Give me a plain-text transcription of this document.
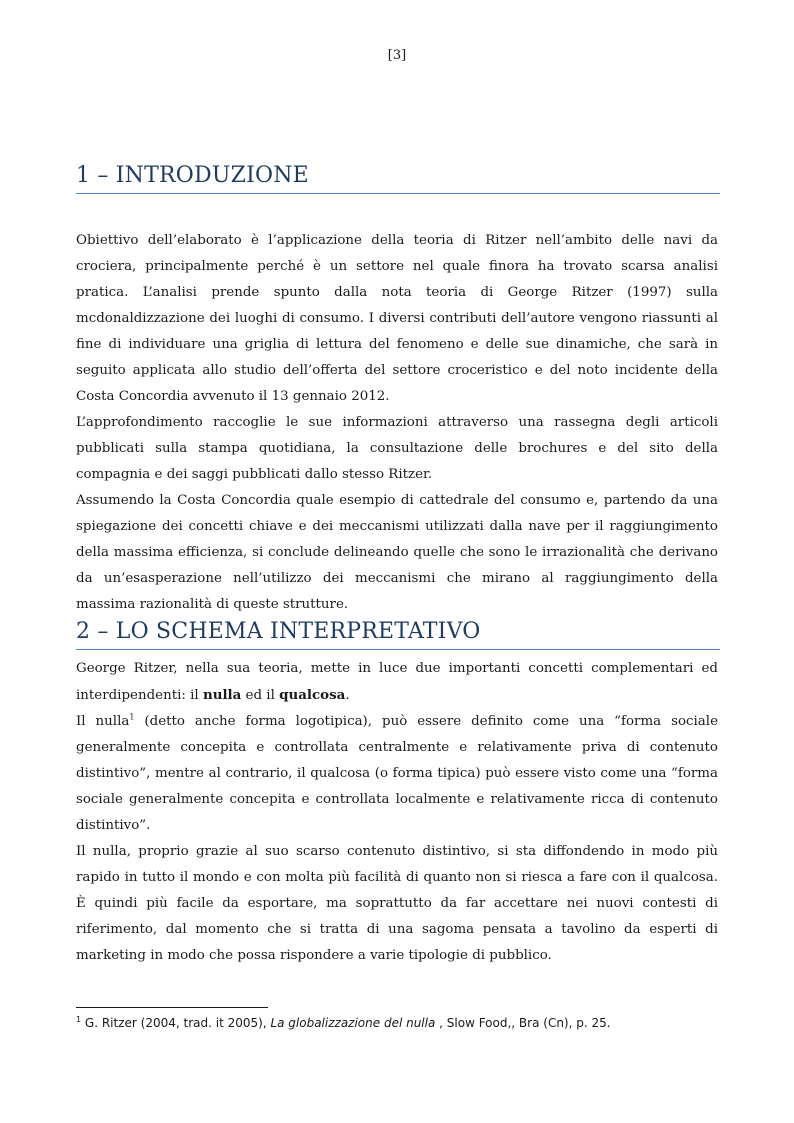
[3]
1 – INTRODUZIONE

Obiettivo dell’elaborato è l’applicazione della teoria di Ritzer nell’ambito delle navi da crociera, principalmente perché è un settore nel quale finora ha trovato scarsa analisi pratica. L’analisi prende spunto dalla nota teoria di George Ritzer (1997) sulla mcdonaldizzazione dei luoghi di consumo. I diversi contributi dell’autore vengono riassunti al fine di individuare una griglia di lettura del fenomeno e delle sue dinamiche, che sarà in seguito applicata allo studio dell’offerta del settore croceristico e del noto incidente della Costa Concordia avvenuto il 13 gennaio 2012.

L’approfondimento raccoglie le sue informazioni attraverso una rassegna degli articoli pubblicati sulla stampa quotidiana, la consultazione delle brochures e del sito della compagnia e dei saggi pubblicati dallo stesso Ritzer.

Assumendo la Costa Concordia quale esempio di cattedrale del consumo e, partendo da una spiegazione dei concetti chiave e dei meccanismi utilizzati dalla nave per il raggiungimento della massima efficienza, si conclude delineando quelle che sono le irrazionalità che derivano da un’esasperazione nell’utilizzo dei meccanismi che mirano al raggiungimento della massima razionalità di queste strutture.

2 – LO SCHEMA INTERPRETATIVO

George Ritzer, nella sua teoria, mette in luce due importanti concetti complementari ed interdipendenti: il nulla ed il qualcosa.

Il nulla$^1$ (detto anche forma logotipica), può essere definito come una “forma sociale generalmente concepita e controllata centralmente e relativamente priva di contenuto distintivo”, mentre al contrario, il qualcosa (o forma tipica) può essere visto come una “forma sociale generalmente concepita e controllata localmente e relativamente ricca di contenuto distintivo”.

Il nulla, proprio grazie al suo scarso contenuto distintivo, si sta diffondendo in modo più rapido in tutto il mondo e con molta più facilità di quanto non si riesca a fare con il qualcosa. È quindi più facile da esportare, ma soprattutto da far accettare nei nuovi contesti di riferimento, dal momento che si tratta di una sagoma pensata a tavolino da esperti di marketing in modo che possa rispondere a varie tipologie di pubblico.

$^1$ G. Ritzer (2004, trad. it 2005), La globalizzazione del nulla , Slow Food,, Bra (Cn), p. 25.
